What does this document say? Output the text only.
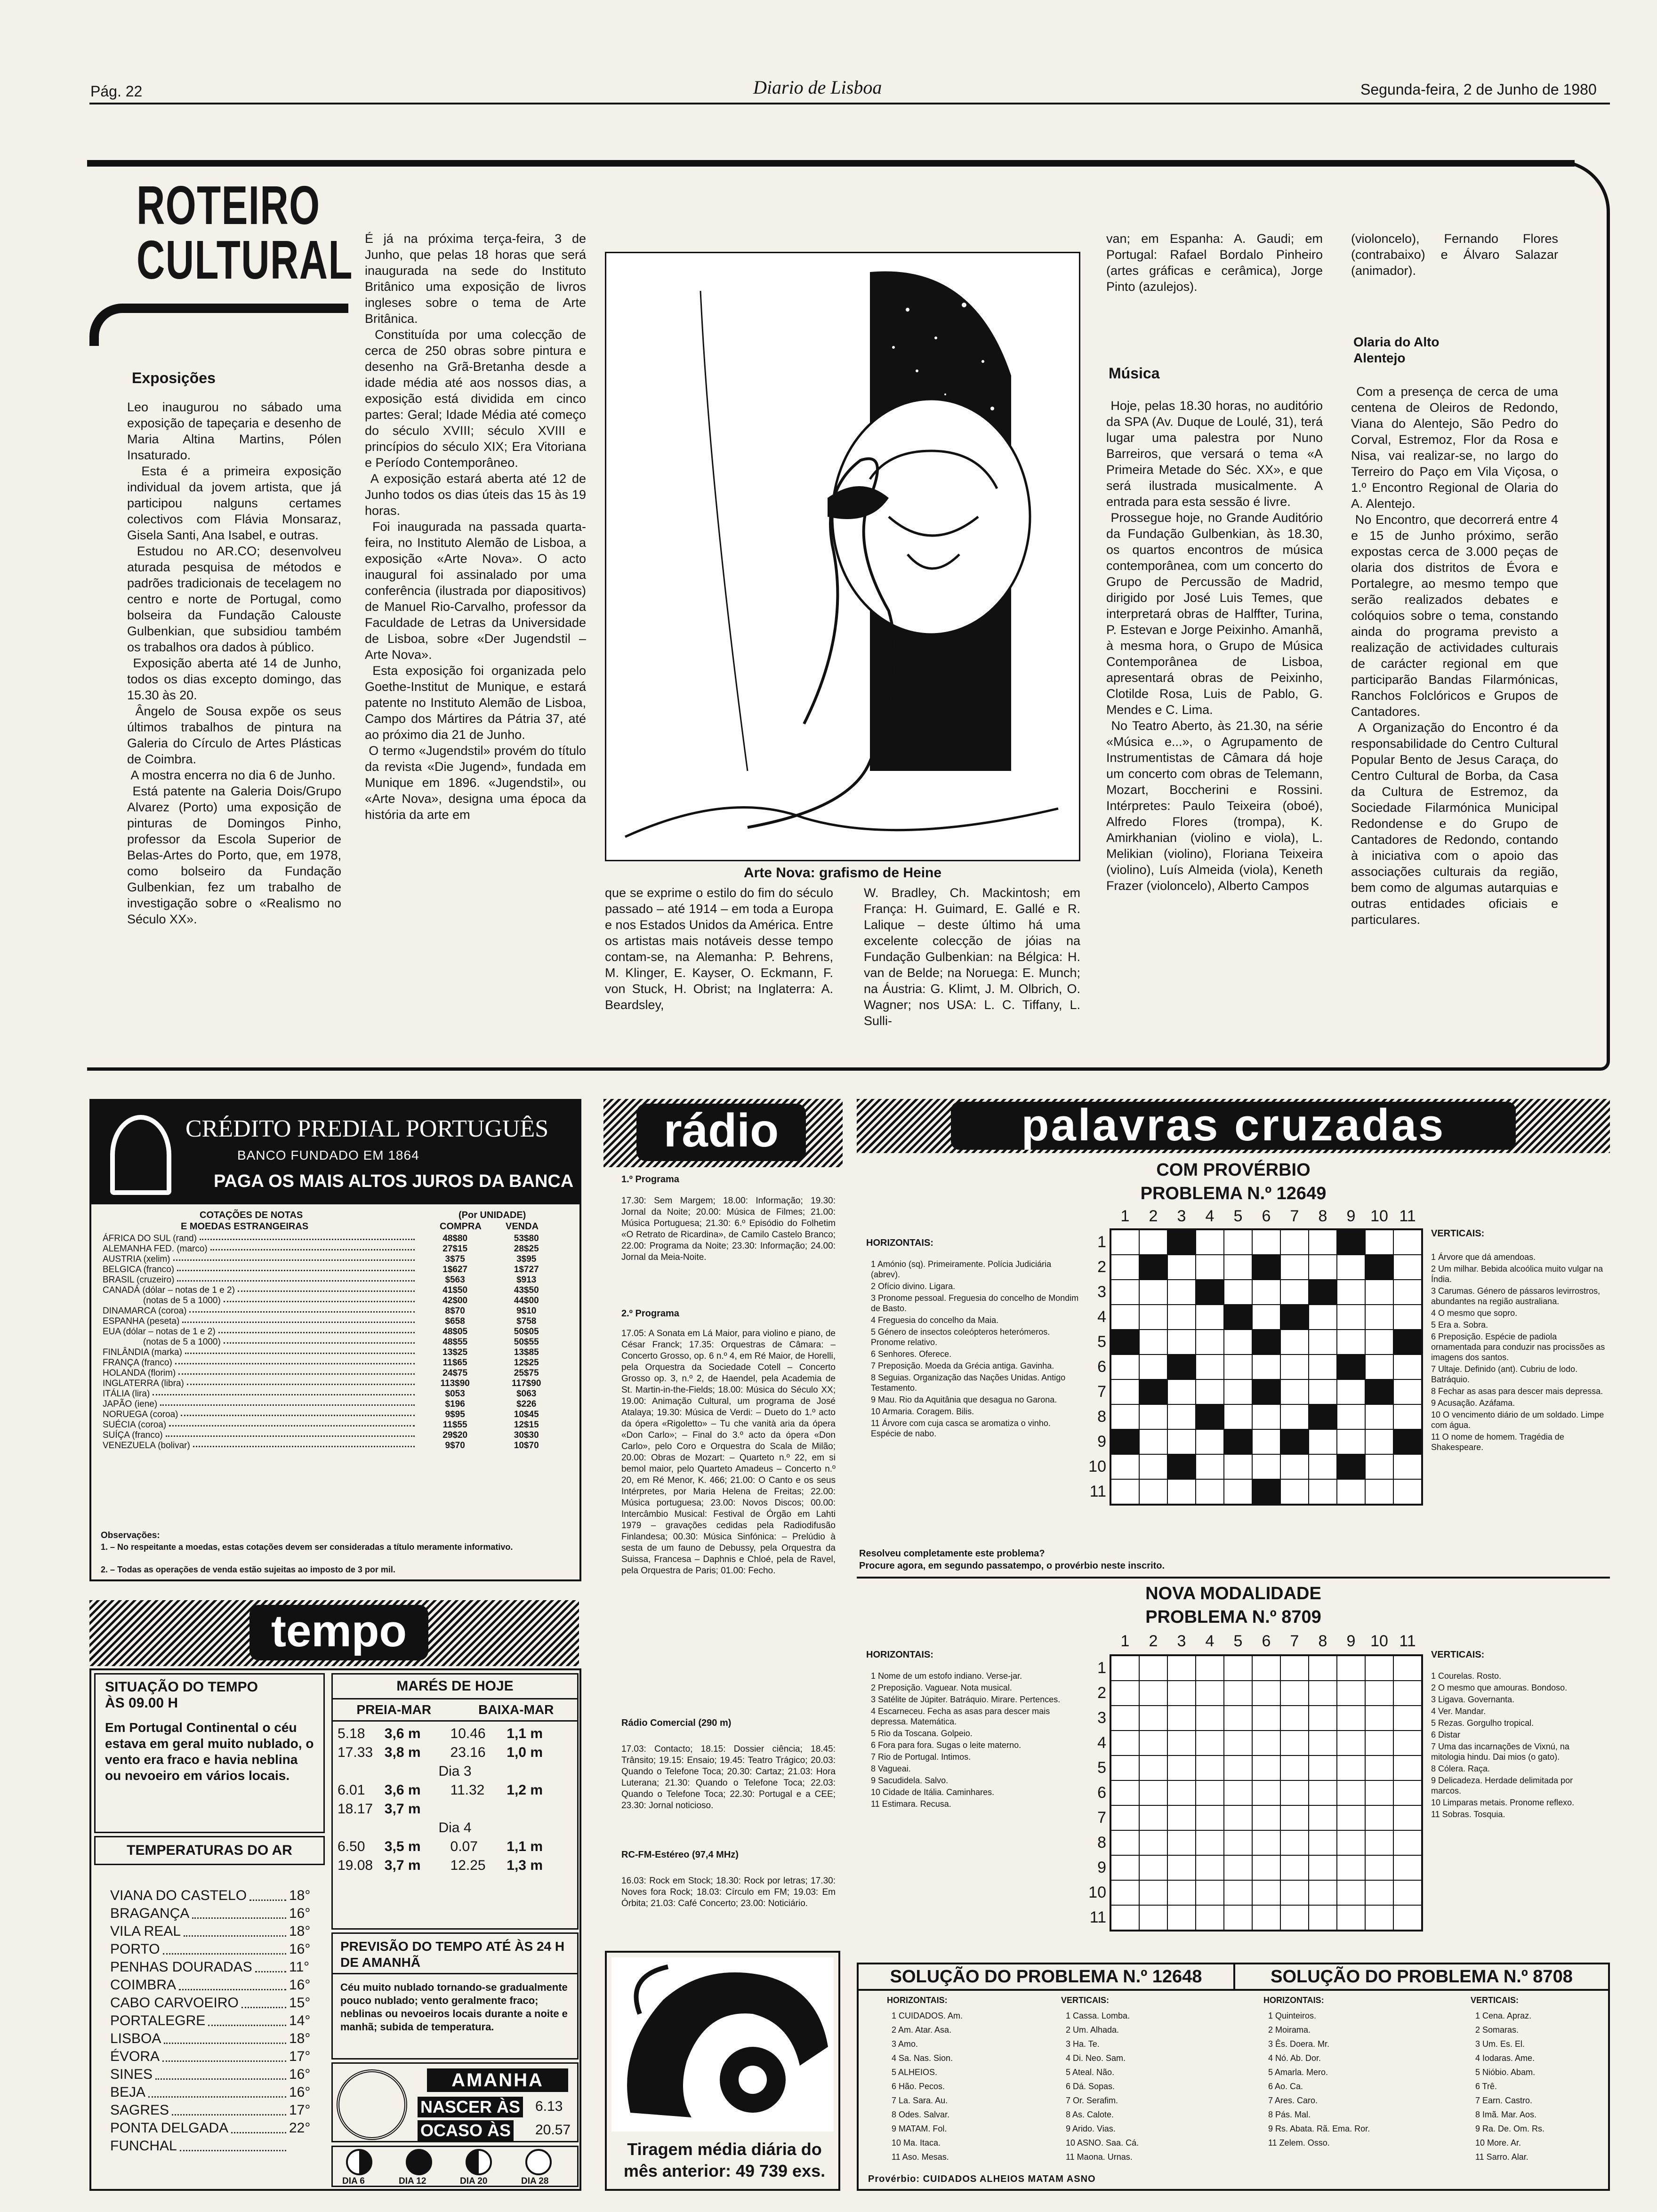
Pág. 22	Diario de Lisboa	Segunda-feira, 2 de Junho de 1980
ROTEIRO
CULTURAL
Exposições
Leo inaugurou no sábado uma exposição de tapeçaria e desenho de Maria Altina Martins, Pólen Insaturado.
Esta é a primeira exposição individual da jovem artista, que já participou nalguns certames colectivos com Flávia Monsaraz, Gisela Santi, Ana Isabel, e outras.
Estudou no AR.CO; desenvolveu aturada pesquisa de métodos e padrões tradicionais de tecelagem no centro e norte de Portugal, como bolseira da Fundação Calouste Gulbenkian, que subsidiou também os trabalhos ora dados à público.
Exposição aberta até 14 de Junho, todos os dias excepto domingo, das 15.30 às 20.
Ângelo de Sousa expõe os seus últimos trabalhos de pintura na Galeria do Círculo de Artes Plásticas de Coimbra.
A mostra encerra no dia 6 de Junho.
Está patente na Galeria Dois/Grupo Alvarez (Porto) uma exposição de pinturas de Domingos Pinho, professor da Escola Superior de Belas-Artes do Porto, que, em 1978, como bolseiro da Fundação Gulbenkian, fez um trabalho de investigação sobre o «Realismo no Século XX».
É já na próxima terça-feira, 3 de Junho, que pelas 18 horas que será inaugurada na sede do Instituto Britânico uma exposição de livros ingleses sobre o tema de Arte Britânica.
Constituída por uma colecção de cerca de 250 obras sobre pintura e desenho na Grã-Bretanha desde a idade média até aos nossos dias, a exposição está dividida em cinco partes: Geral; Idade Média até começo do século XVIII; século XVIII e princípios do século XIX; Era Vitoriana e Período Contemporâneo.
A exposição estará aberta até 12 de Junho todos os dias úteis das 15 às 19 horas.
Foi inaugurada na passada quarta-feira, no Instituto Alemão de Lisboa, a exposição «Arte Nova». O acto inaugural foi assinalado por uma conferência (ilustrada por diapositivos) de Manuel Rio-Carvalho, professor da Faculdade de Letras da Universidade de Lisboa, sobre «Der Jugendstil – Arte Nova».
Esta exposição foi organizada pelo Goethe-Institut de Munique, e estará patente no Instituto Alemão de Lisboa, Campo dos Mártires da Pátria 37, até ao próximo dia 21 de Junho.
O termo «Jugendstil» provém do título da revista «Die Jugend», fundada em Munique em 1896. «Jugendstil», ou «Arte Nova», designa uma época da história da arte em
Arte Nova: grafismo de Heine
que se exprime o estilo do fim do século passado – até 1914 – em toda a Europa e nos Estados Unidos da América. Entre os artistas mais notáveis desse tempo contam-se, na Alemanha: P. Behrens, M. Klinger, E. Kayser, O. Eckmann, F. von Stuck, H. Obrist; na Inglaterra: A. Beardsley,
W. Bradley, Ch. Mackintosh; em França: H. Guimard, E. Gallé e R. Lalique – deste último há uma excelente colecção de jóias na Fundação Gulbenkian: na Bélgica: H. van de Belde; na Noruega: E. Munch; na Áustria: G. Klimt, J. M. Olbrich, O. Wagner; nos USA: L. C. Tiffany, L. Sulli-
van; em Espanha: A. Gaudi; em Portugal: Rafael Bordalo Pinheiro (artes gráficas e cerâmica), Jorge Pinto (azulejos).
Música
Hoje, pelas 18.30 horas, no auditório da SPA (Av. Duque de Loulé, 31), terá lugar uma palestra por Nuno Barreiros, que versará o tema «A Primeira Metade do Séc. XX», e que será ilustrada musicalmente. A entrada para esta sessão é livre.
Prossegue hoje, no Grande Auditório da Fundação Gulbenkian, às 18.30, os quartos encontros de música contemporânea, com um concerto do Grupo de Percussão de Madrid, dirigido por José Luis Temes, que interpretará obras de Halffter, Turina, P. Estevan e Jorge Peixinho. Amanhã, à mesma hora, o Grupo de Música Contemporânea de Lisboa, apresentará obras de Peixinho, Clotilde Rosa, Luis de Pablo, G. Mendes e C. Lima.
No Teatro Aberto, às 21.30, na série «Música e...», o Agrupamento de Instrumentistas de Câmara dá hoje um concerto com obras de Telemann, Mozart, Boccherini e Rossini. Intérpretes: Paulo Teixeira (oboé), Alfredo Flores (trompa), K. Amirkhanian (violino e viola), L. Melikian (violino), Floriana Teixeira (violino), Luís Almeida (viola), Keneth Frazer (violoncelo), Alberto Campos
(violoncelo), Fernando Flores (contrabaixo) e Álvaro Salazar (animador).
Olaria do Alto Alentejo
Com a presença de cerca de uma centena de Oleiros de Redondo, Viana do Alentejo, São Pedro do Corval, Estremoz, Flor da Rosa e Nisa, vai realizar-se, no largo do Terreiro do Paço em Vila Viçosa, o 1.º Encontro Regional de Olaria do A. Alentejo.
No Encontro, que decorrerá entre 4 e 15 de Junho próximo, serão expostas cerca de 3.000 peças de olaria dos distritos de Évora e Portalegre, ao mesmo tempo que serão realizados debates e colóquios sobre o tema, constando ainda do programa previsto a realização de actividades culturais de carácter regional em que participarão Bandas Filarmónicas, Ranchos Folclóricos e Grupos de Cantadores.
A Organização do Encontro é da responsabilidade do Centro Cultural Popular Bento de Jesus Caraça, do Centro Cultural de Borba, da Casa da Cultura de Estremoz, da Sociedade Filarmónica Municipal Redondense e do Grupo de Cantadores de Redondo, contando à iniciativa com o apoio das associações culturais da região, bem como de algumas autarquias e outras entidades oficiais e particulares.
CRÉDITO PREDIAL PORTUGUÊS
BANCO FUNDADO EM 1864
PAGA OS MAIS ALTOS JUROS DA BANCA
COTAÇÕES DE NOTAS
E MOEDAS ESTRANGEIRAS
(Por UNIDADE)
COMPRA	VENDA
ÁFRICA DO SUL (rand)	48$80	53$80

ALEMANHA FED. (marco)	27$15	28$25

AUSTRIA (xelim)	3$75	3$95

BELGICA (franco)	1$627	1$727

BRASIL (cruzeiro)	$563	$913

CANADÁ (dólar – notas de 1 e 2)	41$50	43$50

(notas de 5 a 1000)	42$00	44$00

DINAMARCA (coroa)	8$70	9$10

ESPANHA (peseta)	$658	$758

EUA (dólar – notas de 1 e 2)	48$05	50$05

(notas de 5 a 1000)	48$55	50$55

FINLÂNDIA (marka)	13$25	13$85

FRANÇA (franco)	11$65	12$25

HOLANDA (florim)	24$75	25$75

INGLATERRA (libra)	113$90	117$90

ITÁLIA (lira)	$053	$063

JAPÃO (iene)	$196	$226

NORUEGA (coroa)	9$95	10$45

SUÉCIA (coroa)	11$55	12$15

SUÍÇA (franco)	29$20	30$30

VENEZUELA (bolivar)	9$70	10$70
Observações:
1. – No respeitante a moedas, estas cotações devem ser consideradas a título meramente informativo.
2. – Todas as operações de venda estão sujeitas ao imposto de 3 por mil.
tempo
SITUAÇÃO DO TEMPO
ÀS 09.00 H
Em Portugal Continental o céu estava em geral muito nublado, o vento era fraco e havia neblina ou nevoeiro em vários locais.
TEMPERATURAS DO AR
VIANA DO CASTELO	18°
BRAGANÇA	16°
VILA REAL	18°
PORTO	16°
PENHAS DOURADAS	11°
COIMBRA	16°
CABO CARVOEIRO	15°
PORTALEGRE	14°
LISBOA	18°
ÉVORA	17°
SINES	16°
BEJA	16°
SAGRES	17°
PONTA DELGADA	22°
FUNCHAL
MARÉS DE HOJE
PREIA-MAR	BAIXA-MAR
5.18	3,6 m	10.46	1,1 m
17.33 3,8 m	23.16	1,0 m
Dia 3
6.01	3,6 m	11.32	1,2 m
18.17 3,7 m
Dia 4
6.50	3,5 m	0.07	1,1 m
19.08 3,7 m	12.25	1,3 m
PREVISÃO DO TEMPO ATÉ ÀS 24 H DE AMANHÃ
Céu muito nublado tornando-se gradualmente pouco nublado; vento geralmente fraco; neblinas ou nevoeiros locais durante a noite e manhã; subida de temperatura.
AMANHA
NASCER ÀS 6.13
OCASO ÀS 20.57
DIA 6	DIA 12	DIA 20	DIA 28
rádio
1.º Programa
17.30: Sem Margem; 18.00: Informação; 19.30: Jornal da Noite; 20.00: Música de Filmes; 21.00: Música Portuguesa; 21.30: 6.º Episódio do Folhetim «O Retrato de Ricardina», de Camilo Castelo Branco; 22.00: Programa da Noite; 23.30: Informação; 24.00: Jornal da Meia-Noite.
2.º Programa
17.05: A Sonata em Lá Maior, para violino e piano, de César Franck; 17.35: Orquestras de Câmara: – Concerto Grosso, op. 6 n.º 4, em Ré Maior, de Horelli, pela Orquestra da Sociedade Cotell – Concerto Grosso op. 3, n.º 2, de Haendel, pela Academia de St. Martin-in-the-Fields; 18.00: Música do Século XX; 19.00: Animação Cultural, um programa de José Atalaya; 19.30: Música de Verdi: – Dueto do 1.º acto da ópera «Rigoletto» – Tu che vanità aria da ópera «Don Carlo»; – Final do 3.º acto da ópera «Don Carlo», pelo Coro e Orquestra do Scala de Milão; 20.00: Obras de Mozart: – Quarteto n.º 22, em si bemol maior, pelo Quarteto Amadeus – Concerto n.º 20, em Ré Menor, K. 466; 21.00: O Canto e os seus Intérpretes, por Maria Helena de Freitas; 22.00: Música portuguesa; 23.00: Novos Discos; 00.00: Intercâmbio Musical: Festival de Órgão em Lahti 1979 – gravações cedidas pela Radiodifusão Finlandesa; 00.30: Música Sinfónica: – Prelúdio à sesta de um fauno de Debussy, pela Orquestra da Suissa, Francesa – Daphnis e Chloé, pela de Ravel, pela Orquestra de Paris; 01.00: Fecho.
Rádio Comercial (290 m)
17.03: Contacto; 18.15: Dossier ciência; 18.45: Trânsito; 19.15: Ensaio; 19.45: Teatro Trágico; 20.03: Quando o Telefone Toca; 20.30: Cartaz; 21.03: Hora Luterana; 21.30: Quando o Telefone Toca; 22.03: Quando o Telefone Toca; 22.30: Portugal e a CEE; 23.30: Jornal noticioso.
RC-FM-Estéreo (97,4 MHz)
16.03: Rock em Stock; 18.30: Rock por letras; 17.30: Noves fora Rock; 18.03: Círculo em FM; 19.03: Em Órbita; 21.03: Café Concerto; 23.00: Noticiário.
Tiragem média diária do mês anterior: 49 739 exs.
palavras cruzadas
COM PROVÉRBIO
PROBLEMA N.º 12649
1	2	3	4	5	6	7	8	9 10 11
1
2
3
4
5
6
7
8
9
10
11
HORIZONTAIS:
1 Amónio (sq). Primeiramente. Polícia Judiciária (abrev).
2 Ofício divino. Ligara.
3 Pronome pessoal. Freguesia do concelho de Mondim de Basto.
4 Freguesia do concelho da Maia.
5 Género de insectos coleópteros heterómeros. Pronome relativo.
6 Senhores. Oferece.
7 Preposição. Moeda da Grécia antiga. Gavinha.
8 Seguias. Organização das Nações Unidas. Antigo Testamento.
9 Mau. Rio da Aquitânia que desagua no Garona.
10 Armaria. Coragem. Bilis.
11 Árvore com cuja casca se aromatiza o vinho. Espécie de nabo.
VERTICAIS:
1 Árvore que dá amendoas.
2 Um milhar. Bebida alcoólica muito vulgar na Índia.
3 Carumas. Género de pássaros levirrostros, abundantes na região australiana.
4 O mesmo que sopro.
5 Era a. Sobra.
6 Preposição. Espécie de padiola ornamentada para conduzir nas procissões as imagens dos santos.
7 Ultaje. Definido (ant). Cubriu de lodo. Batráquio.
8 Fechar as asas para descer mais depressa.
9 Acusação. Azáfama.
10 O vencimento diário de um soldado. Limpe com água.
11 O nome de homem. Tragédia de Shakespeare.
Resolveu completamente este problema?
Procure agora, em segundo passatempo, o provérbio neste inscrito.
NOVA MODALIDADE
PROBLEMA N.º 8709
1	2	3	4	5	6	7	8	9 10 11
1
2
3
4
5
6
7
8
9
10
11
HORIZONTAIS:
1 Nome de um estofo indiano. Verse-jar.
2 Preposição. Vaguear. Nota musical.
3 Satélite de Júpiter. Batráquio. Mirare. Pertences.
4 Escarneceu. Fecha as asas para descer mais depressa. Matemática.
5 Rio da Toscana. Golpeio.
6 Fora para fora. Sugas o leite materno.
7 Rio de Portugal. Intimos.
8 Vagueai.
9 Sacudidela. Salvo.
10 Cidade de Itália. Caminhares.
11 Estimara. Recusa.
VERTICAIS:
1 Courelas. Rosto.
2 O mesmo que amouras. Bondoso.
3 Ligava. Governanta.
4 Ver. Mandar.
5 Rezas. Gorgulho tropical.
6 Distar
7 Uma das incarnações de Vixnú, na mitologia hindu. Dai mios (o gato).
8 Cólera. Raça.
9 Delicadeza. Herdade delimitada por marcos.
10 Limparas metais. Pronome reflexo.
11 Sobras. Tosquia.
SOLUÇÃO DO PROBLEMA N.º 12648	SOLUÇÃO DO PROBLEMA N.º 8708
HORIZONTAIS:	VERTICAIS:	HORIZONTAIS:	VERTICAIS:
1 CUIDADOS. Am.
2 Am. Atar. Asa.
3 Amo.
4 Sa. Nas. Sion.
5 ALHEIOS.
6 Hão. Pecos.
7 La. Sara. Au.
8 Odes. Salvar.
9 MATAM. Fol.
10 Ma. Itaca.
11 Aso. Mesas.
1 Cassa. Lomba.
2 Um. Alhada.
3 Ha. Te.
4 Di. Neo. Sam.
5 Ateal. Não.
6 Dá. Sopas.
7 Or. Serafim.
8 As. Calote.
9 Arido. Vias.
10 ASNO. Saa. Cá.
11 Maona. Urnas.
1 Quinteiros.
2 Moirama.
3 Ês. Doera. Mr.
4 Nó. Ab. Dor.
5 Amarla. Mero.
6 Ao. Ca.
7 Ares. Caro.
8 Pás. Mal.
9 Rs. Abata. Rã. Ema. Ror.
11 Zelem. Osso.
1 Cena. Apraz.
2 Somaras.
3 Um. Es. El.
4 Iodaras. Ame.
5 Nióbio. Abam.
6 Trê.
7 Earn. Castro.
8 Imã. Mar. Aos.
9 Ra. De. Om. Rs.
10 More. Ar.
11 Sarro. Alar.
Provérbio: CUIDADOS ALHEIOS MATAM ASNO
